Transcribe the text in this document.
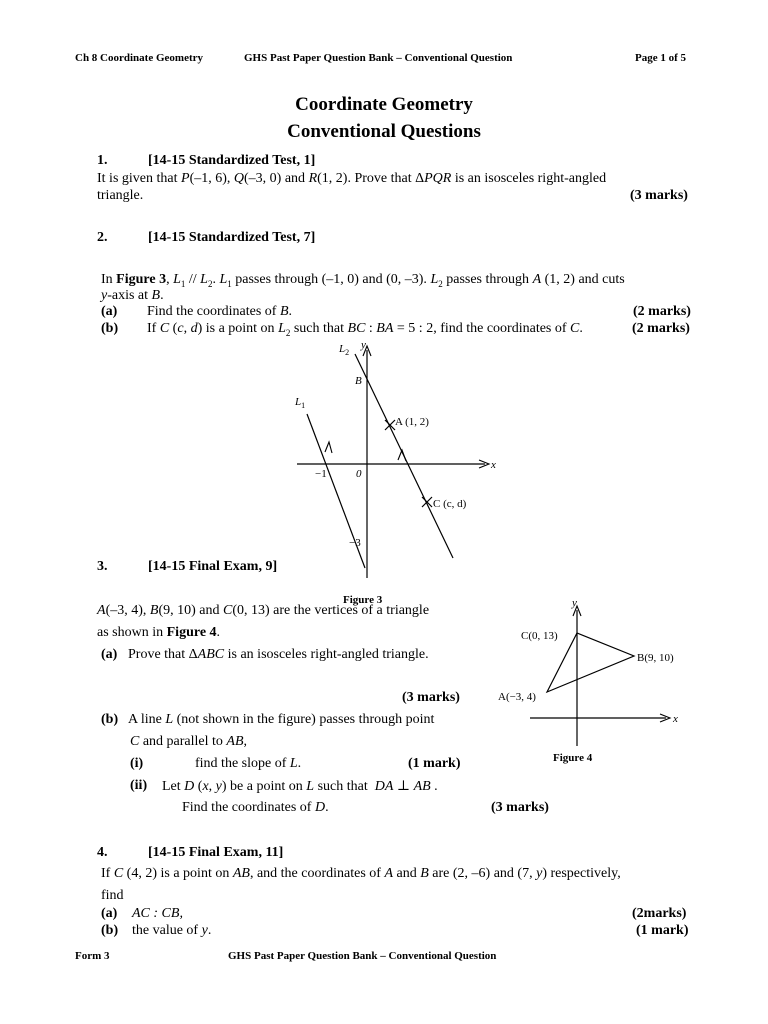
Ch 8 Coordinate Geometry	GHS Past Paper Question Bank – Conventional Question	Page 1 of 5
Coordinate Geometry
Conventional Questions
1.	[14-15 Standardized Test, 1]
It is given that P(–1, 6), Q(–3, 0) and R(1, 2). Prove that ΔPQR is an isosceles right-angled
triangle.	(3 marks)
2.	[14-15 Standardized Test, 7]
In Figure 3, $L_1 // L_2$. $L_1$ passes through (–1, 0) and (0, –3). $L_2$ passes through A (1, 2) and cuts
y-axis at B.
(a) Find the coordinates of B.	(2 marks)
(b) If C (c, d) is a point on $L_2$ such that BC : BA = 5 : 2, find the coordinates of C.	(2 marks)
$L_2$
y
B
$L_1$
A (1, 2)
x
−1	0
C (c, d)
−3
Figure 3
3.	[14-15 Final Exam, 9]
A(–3, 4), B(9, 10) and C(0, 13) are the vertices of a triangle
as shown in Figure 4.
(a) Prove that ΔABC is an isosceles right-angled triangle.
(3 marks)
(b) A line L (not shown in the figure) passes through point
C and parallel to AB,
(i)	find the slope of L.	(1 mark)
(ii) Let D (x, y) be a point on L such that  DA ⊥ AB .
Find the coordinates of D.	(3 marks)
y
x
C(0, 13)
B(9, 10)
A(−3, 4)
Figure 4
4.	[14-15 Final Exam, 11]
If C (4, 2) is a point on AB, and the coordinates of A and B are (2, –6) and (7, y) respectively,
find
(a) AC : CB,	(2marks)
(b) the value of y.	(1 mark)
Form 3	GHS Past Paper Question Bank – Conventional Question
